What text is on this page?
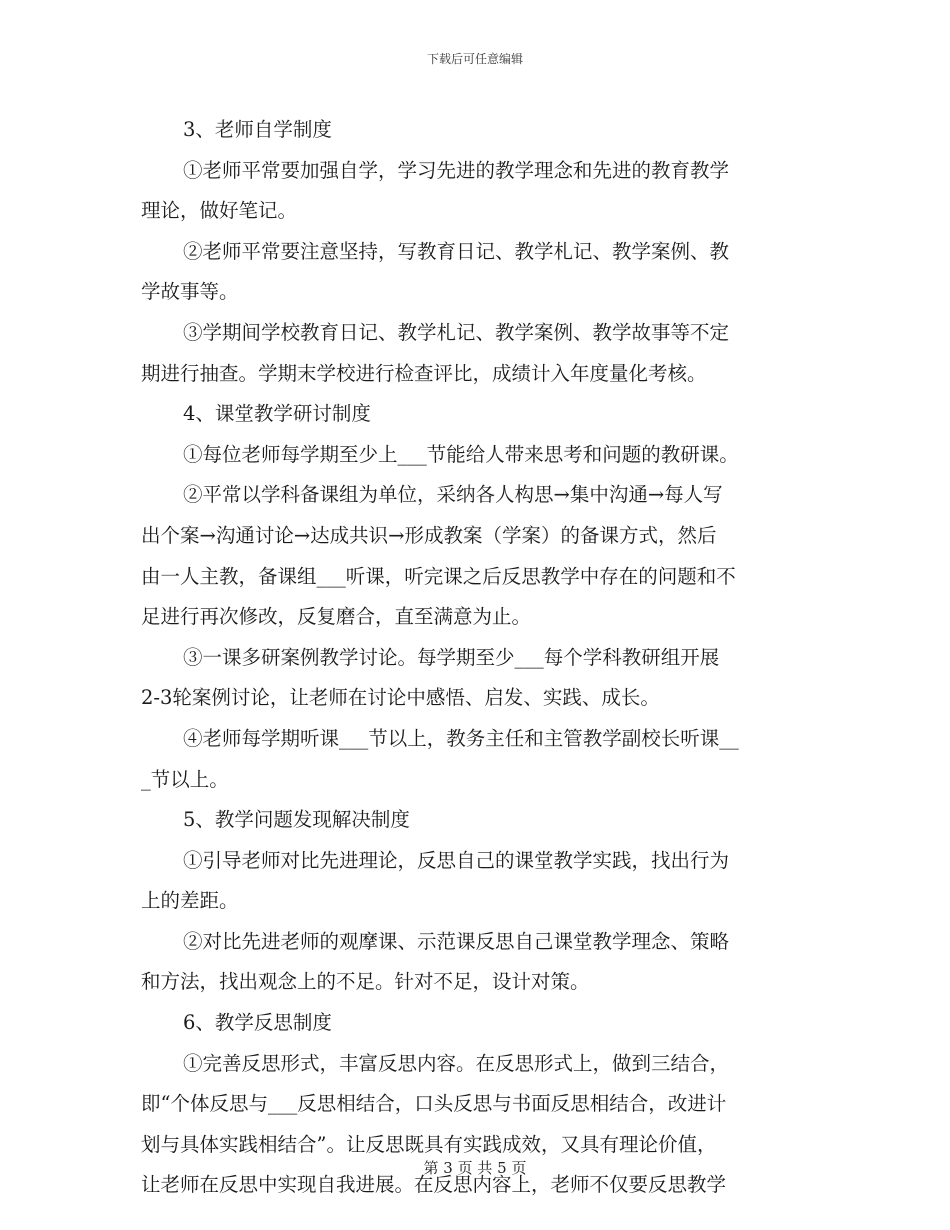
下载后可任意编辑
3、老师自学制度
①老师平常要加强自学，学习先进的教学理念和先进的教育教学
理论，做好笔记。
②老师平常要注意坚持，写教育日记、教学札记、教学案例、教
学故事等。
③学期间学校教育日记、教学札记、教学案例、教学故事等不定
期进行抽查。学期末学校进行检查评比，成绩计入年度量化考核。
4、课堂教学研讨制度
①每位老师每学期至少上___节能给人带来思考和问题的教研课。
②平常以学科备课组为单位，采纳各人构思→集中沟通→每人写
出个案→沟通讨论→达成共识→形成教案（学案）的备课方式，然后
由一人主教，备课组___听课，听完课之后反思教学中存在的问题和不
足进行再次修改，反复磨合，直至满意为止。
③一课多研案例教学讨论。每学期至少___每个学科教研组开展
2-3轮案例讨论，让老师在讨论中感悟、启发、实践、成长。
④老师每学期听课___节以上，教务主任和主管教学副校长听课__
_节以上。
5、教学问题发现解决制度
①引导老师对比先进理论，反思自己的课堂教学实践，找出行为
上的差距。
②对比先进老师的观摩课、示范课反思自己课堂教学理念、策略
和方法，找出观念上的不足。针对不足，设计对策。
6、教学反思制度
①完善反思形式，丰富反思内容。在反思形式上，做到三结合，
即“个体反思与___反思相结合，口头反思与书面反思相结合，改进计
划与具体实践相结合”。让反思既具有实践成效，又具有理论价值，
让老师在反思中实现自我进展。在反思内容上，老师不仅要反思教学
第 3 页 共 5 页
